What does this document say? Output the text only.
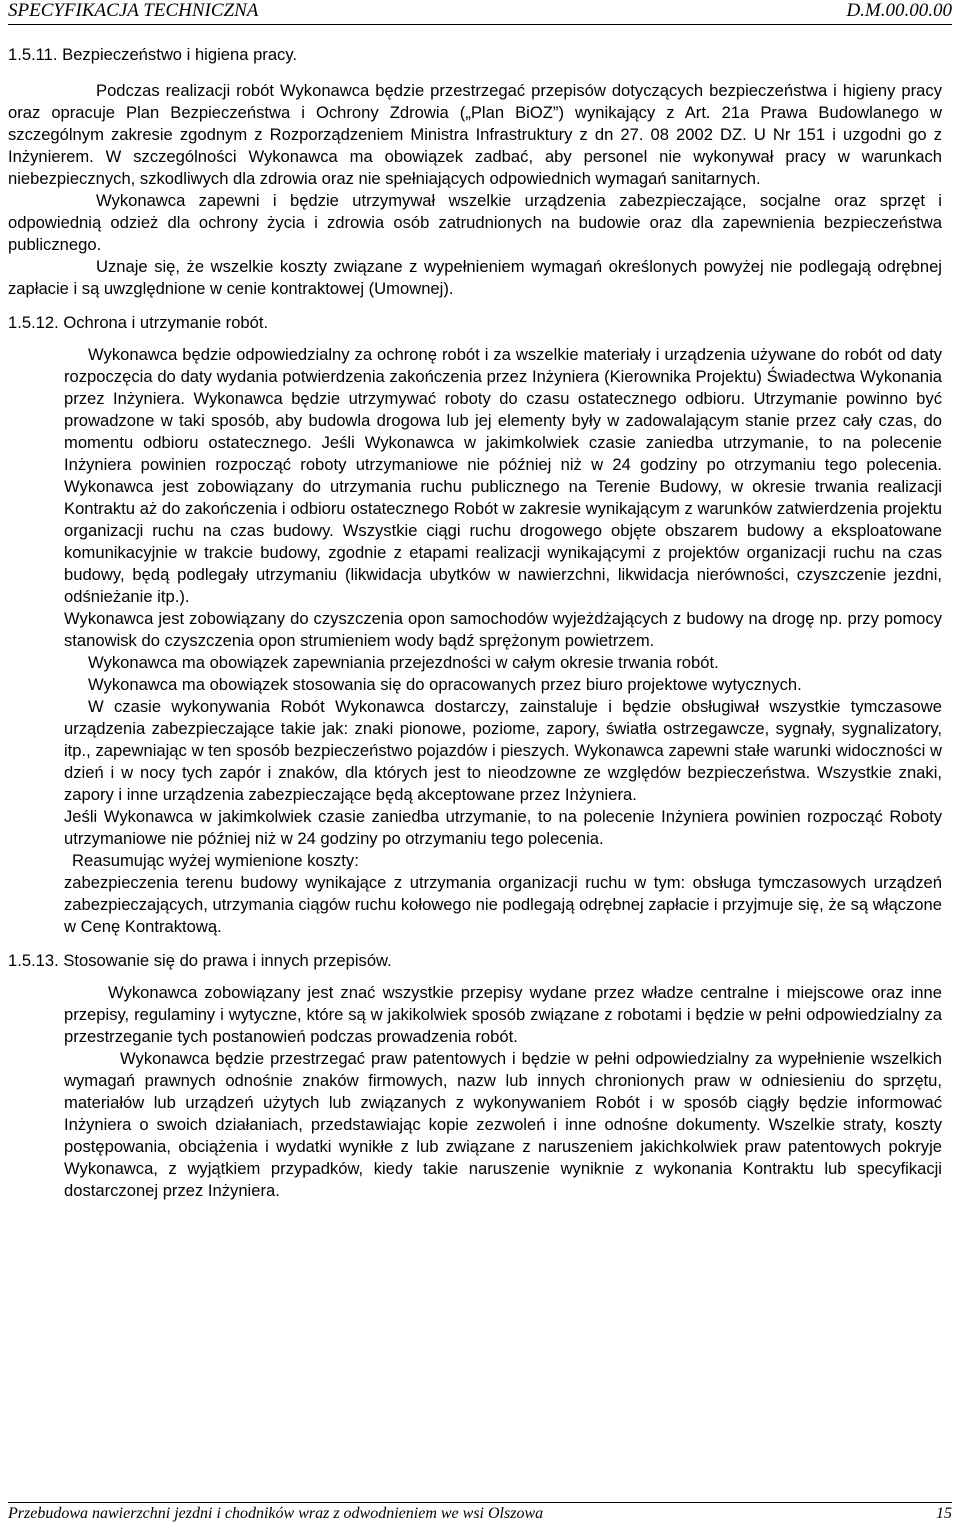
SPECYFIKACJA TECHNICZNA	D.M.00.00.00

1.5.11. Bezpieczeństwo i higiena pracy.

Podczas realizacji robót Wykonawca będzie przestrzegać przepisów dotyczących bezpieczeństwa i higieny pracy oraz opracuje Plan Bezpieczeństwa i Ochrony Zdrowia („Plan BiOZ”) wynikający z Art. 21a Prawa Budowlanego w szczególnym zakresie zgodnym z Rozporządzeniem Ministra Infrastruktury z dn 27. 08 2002 DZ. U Nr 151 i uzgodni go z Inżynierem. W szczególności Wykonawca ma obowiązek zadbać, aby personel nie wykonywał pracy w warunkach niebezpiecznych, szkodliwych dla zdrowia oraz nie spełniających odpowiednich wymagań sanitarnych.

Wykonawca zapewni i będzie utrzymywał wszelkie urządzenia zabezpieczające, socjalne oraz sprzęt i odpowiednią odzież dla ochrony życia i zdrowia osób zatrudnionych na budowie oraz dla zapewnienia bezpieczeństwa publicznego.

Uznaje się, że wszelkie koszty związane z wypełnieniem wymagań określonych powyżej nie podlegają odrębnej zapłacie i są uwzględnione w cenie kontraktowej (Umownej).

1.5.12. Ochrona i utrzymanie robót.

Wykonawca będzie odpowiedzialny za ochronę robót i za wszelkie materiały i urządzenia używane do robót od daty rozpoczęcia do daty wydania potwierdzenia zakończenia przez Inżyniera (Kierownika Projektu) Świadectwa Wykonania przez Inżyniera. Wykonawca będzie utrzymywać roboty do czasu ostatecznego odbioru. Utrzymanie powinno być prowadzone w taki sposób, aby budowla drogowa lub jej elementy były w zadowalającym stanie przez cały czas, do momentu odbioru ostatecznego. Jeśli Wykonawca w jakimkolwiek czasie zaniedba utrzymanie, to na polecenie Inżyniera powinien rozpocząć roboty utrzymaniowe nie później niż w 24 godziny po otrzymaniu tego polecenia. Wykonawca jest zobowiązany do utrzymania ruchu publicznego na Terenie Budowy, w okresie trwania realizacji Kontraktu aż do zakończenia i odbioru ostatecznego Robót w zakresie wynikającym z warunków zatwierdzenia projektu organizacji ruchu na czas budowy. Wszystkie ciągi ruchu drogowego objęte obszarem budowy a eksploatowane komunikacyjnie w trakcie budowy, zgodnie z etapami realizacji wynikającymi z projektów organizacji ruchu na czas budowy, będą podlegały utrzymaniu (likwidacja ubytków w nawierzchni, likwidacja nierówności, czyszczenie jezdni, odśnieżanie itp.).

Wykonawca jest zobowiązany do czyszczenia opon samochodów wyjeżdżających z budowy na drogę np. przy pomocy stanowisk do czyszczenia opon strumieniem wody bądź sprężonym powietrzem.

Wykonawca ma obowiązek zapewniania przejezdności w całym okresie trwania robót.

Wykonawca ma obowiązek stosowania się do opracowanych przez biuro projektowe wytycznych.

W czasie wykonywania Robót Wykonawca dostarczy, zainstaluje i będzie obsługiwał wszystkie tymczasowe urządzenia zabezpieczające takie jak: znaki pionowe, poziome, zapory, światła ostrzegawcze, sygnały, sygnalizatory, itp., zapewniając w ten sposób bezpieczeństwo pojazdów i pieszych. Wykonawca zapewni stałe warunki widoczności w dzień i w nocy tych zapór i znaków, dla których jest to nieodzowne ze względów bezpieczeństwa. Wszystkie znaki, zapory i inne urządzenia zabezpieczające będą akceptowane przez Inżyniera.

Jeśli Wykonawca w jakimkolwiek czasie zaniedba utrzymanie, to na polecenie Inżyniera powinien rozpocząć Roboty utrzymaniowe nie później niż w 24 godziny po otrzymaniu tego polecenia.

Reasumując wyżej wymienione koszty:

zabezpieczenia terenu budowy wynikające z utrzymania organizacji ruchu w tym: obsługa tymczasowych urządzeń zabezpieczających, utrzymania ciągów ruchu kołowego nie podlegają odrębnej zapłacie i przyjmuje się, że są włączone w Cenę Kontraktową.

1.5.13. Stosowanie się do prawa i innych przepisów.

Wykonawca zobowiązany jest znać wszystkie przepisy wydane przez władze centralne i miejscowe oraz inne przepisy, regulaminy i wytyczne, które są w jakikolwiek sposób związane z robotami i będzie w pełni odpowiedzialny za przestrzeganie tych postanowień podczas prowadzenia robót.

Wykonawca będzie przestrzegać praw patentowych i będzie w pełni odpowiedzialny za wypełnienie wszelkich wymagań prawnych odnośnie znaków firmowych, nazw lub innych chronionych praw w odniesieniu do sprzętu, materiałów lub urządzeń użytych lub związanych z wykonywaniem Robót i w sposób ciągły będzie informować Inżyniera o swoich działaniach, przedstawiając kopie zezwoleń i inne odnośne dokumenty. Wszelkie straty, koszty postępowania, obciążenia i wydatki wynikłe z lub związane z naruszeniem jakichkolwiek praw patentowych pokryje Wykonawca, z wyjątkiem przypadków, kiedy takie naruszenie wyniknie z wykonania Kontraktu lub specyfikacji dostarczonej przez Inżyniera.

Przebudowa nawierzchni jezdni i chodników wraz z odwodnieniem we wsi Olszowa	15
